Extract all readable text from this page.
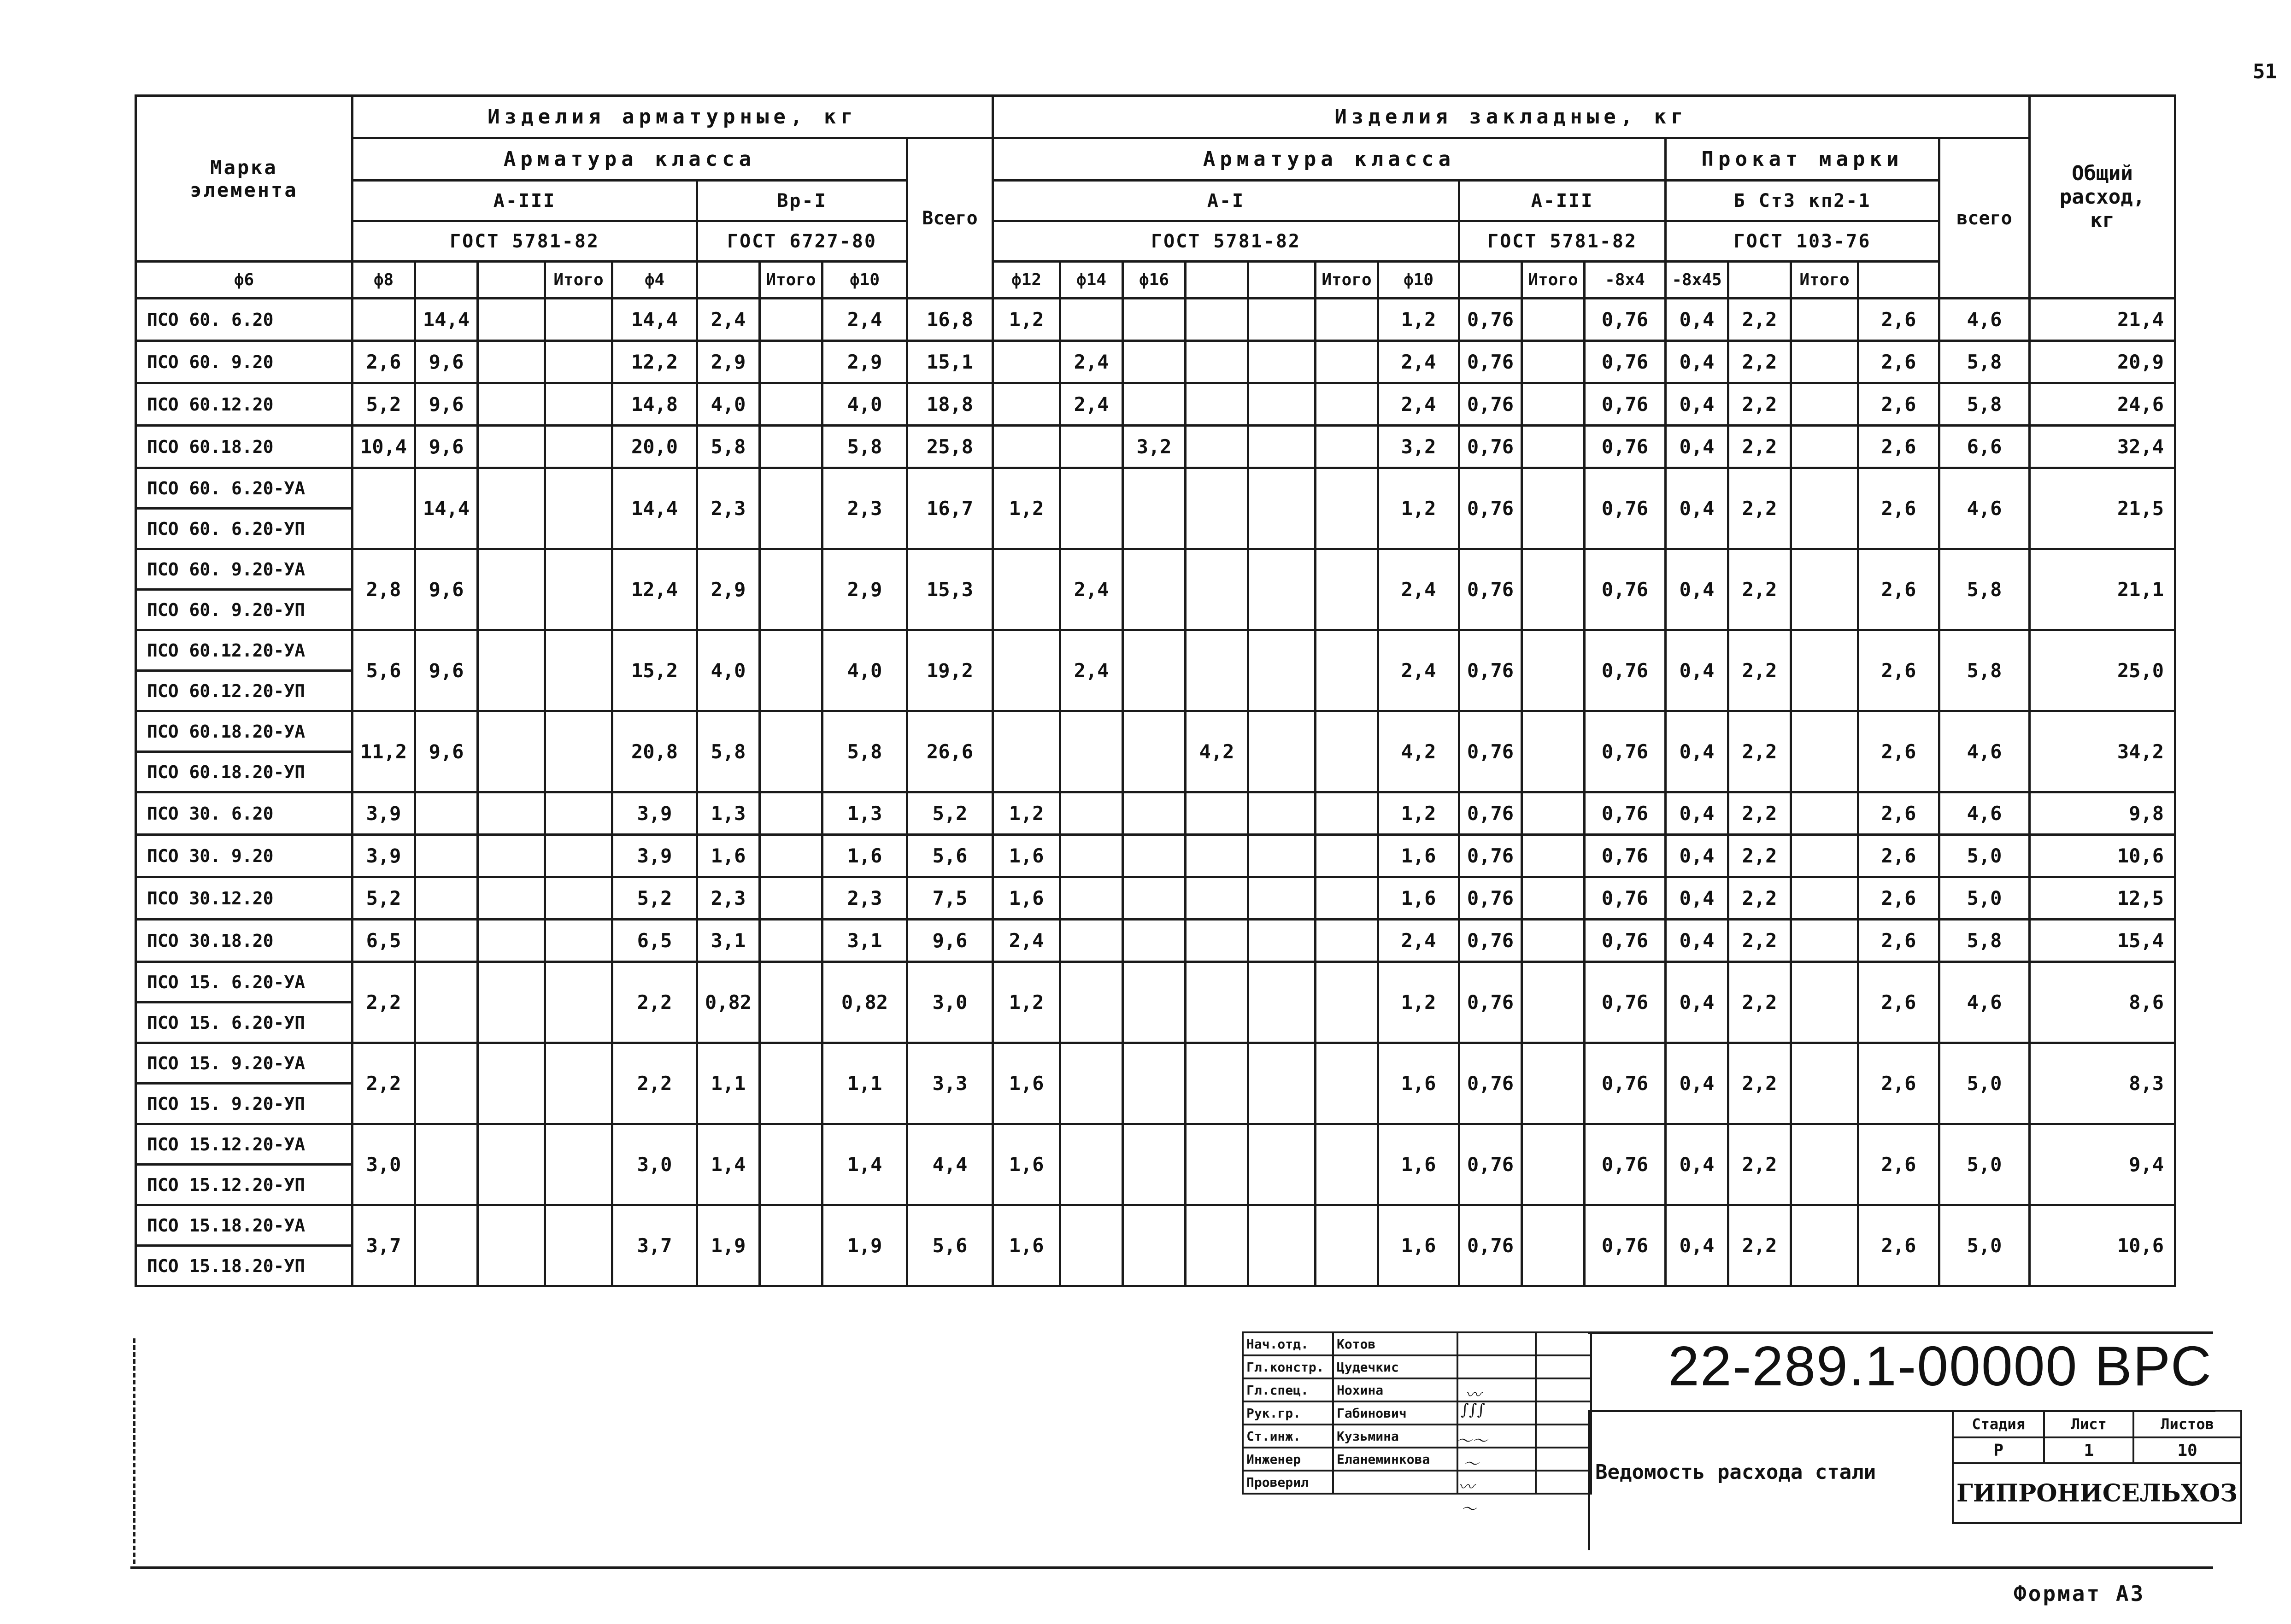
51
Марка
элемента	Изделия арматурные, кг									Изделия закладные, кг															Общий
расход,
кг
	Арматура класса								Всего	Арматура класса										Прокат марки				всего	
	А-III					Вр-I				А-I							А-III			Б Ст3 кп2-1					
	ГОСТ 5781-82					ГОСТ 6727-80				ГОСТ 5781-82							ГОСТ 5781-82			ГОСТ 103-76					
ф6	ф8			Итого	ф4		Итого	ф10		ф12	ф14	ф16			Итого	ф10		Итого	-8х4	-8х45		Итого			
ПСО 60. 6.20		14,4			14,4	2,4		2,4	16,8	1,2						1,2	0,76		0,76	0,4	2,2		2,6	4,6	21,4
ПСО 60. 9.20	2,6	9,6			12,2	2,9		2,9	15,1		2,4					2,4	0,76		0,76	0,4	2,2		2,6	5,8	20,9
ПСО 60.12.20	5,2	9,6			14,8	4,0		4,0	18,8		2,4					2,4	0,76		0,76	0,4	2,2		2,6	5,8	24,6
ПСО 60.18.20	10,4	9,6			20,0	5,8		5,8	25,8			3,2				3,2	0,76		0,76	0,4	2,2		2,6	6,6	32,4
ПСО 60. 6.20-УА		14,4			14,4	2,3		2,3	16,7	1,2						1,2	0,76		0,76	0,4	2,2		2,6	4,6	21,5
ПСО 60. 6.20-УП																									
ПСО 60. 9.20-УА	2,8	9,6			12,4	2,9		2,9	15,3		2,4					2,4	0,76		0,76	0,4	2,2		2,6	5,8	21,1
ПСО 60. 9.20-УП																									
ПСО 60.12.20-УА	5,6	9,6			15,2	4,0		4,0	19,2		2,4					2,4	0,76		0,76	0,4	2,2		2,6	5,8	25,0
ПСО 60.12.20-УП																									
ПСО 60.18.20-УА	11,2	9,6			20,8	5,8		5,8	26,6				4,2			4,2	0,76		0,76	0,4	2,2		2,6	4,6	34,2
ПСО 60.18.20-УП																									
ПСО 30. 6.20	3,9				3,9	1,3		1,3	5,2	1,2						1,2	0,76		0,76	0,4	2,2		2,6	4,6	9,8
ПСО 30. 9.20	3,9				3,9	1,6		1,6	5,6	1,6						1,6	0,76		0,76	0,4	2,2		2,6	5,0	10,6
ПСО 30.12.20	5,2				5,2	2,3		2,3	7,5	1,6						1,6	0,76		0,76	0,4	2,2		2,6	5,0	12,5
ПСО 30.18.20	6,5				6,5	3,1		3,1	9,6	2,4						2,4	0,76		0,76	0,4	2,2		2,6	5,8	15,4
ПСО 15. 6.20-УА	2,2				2,2	0,82		0,82	3,0	1,2						1,2	0,76		0,76	0,4	2,2		2,6	4,6	8,6
ПСО 15. 6.20-УП																									
ПСО 15. 9.20-УА	2,2				2,2	1,1		1,1	3,3	1,6						1,6	0,76		0,76	0,4	2,2		2,6	5,0	8,3
ПСО 15. 9.20-УП																									
ПСО 15.12.20-УА	3,0				3,0	1,4		1,4	4,4	1,6						1,6	0,76		0,76	0,4	2,2		2,6	5,0	9,4
ПСО 15.12.20-УП																									
ПСО 15.18.20-УА	3,7				3,7	1,9		1,9	5,6	1,6						1,6	0,76		0,76	0,4	2,2		2,6	5,0	10,6
ПСО 15.18.20-УП																									
22-289.1-00000 ВРС
Нач.отд.	Котов		
Гл.констр.	Цудечкис		
Гл.спец.	Нохина		
Рук.гр.	Габинович		
Ст.инж.	Кузьмина		
Инженер	Еланеминкова		
Проверил			
〰
∫∫∫
〜〜
〜
〰
〜
Ведомость расхода стали
Стадия	Лист	Листов
Р	1	10
ГИПРОНИСЕЛЬХОЗ		
Формат А3
